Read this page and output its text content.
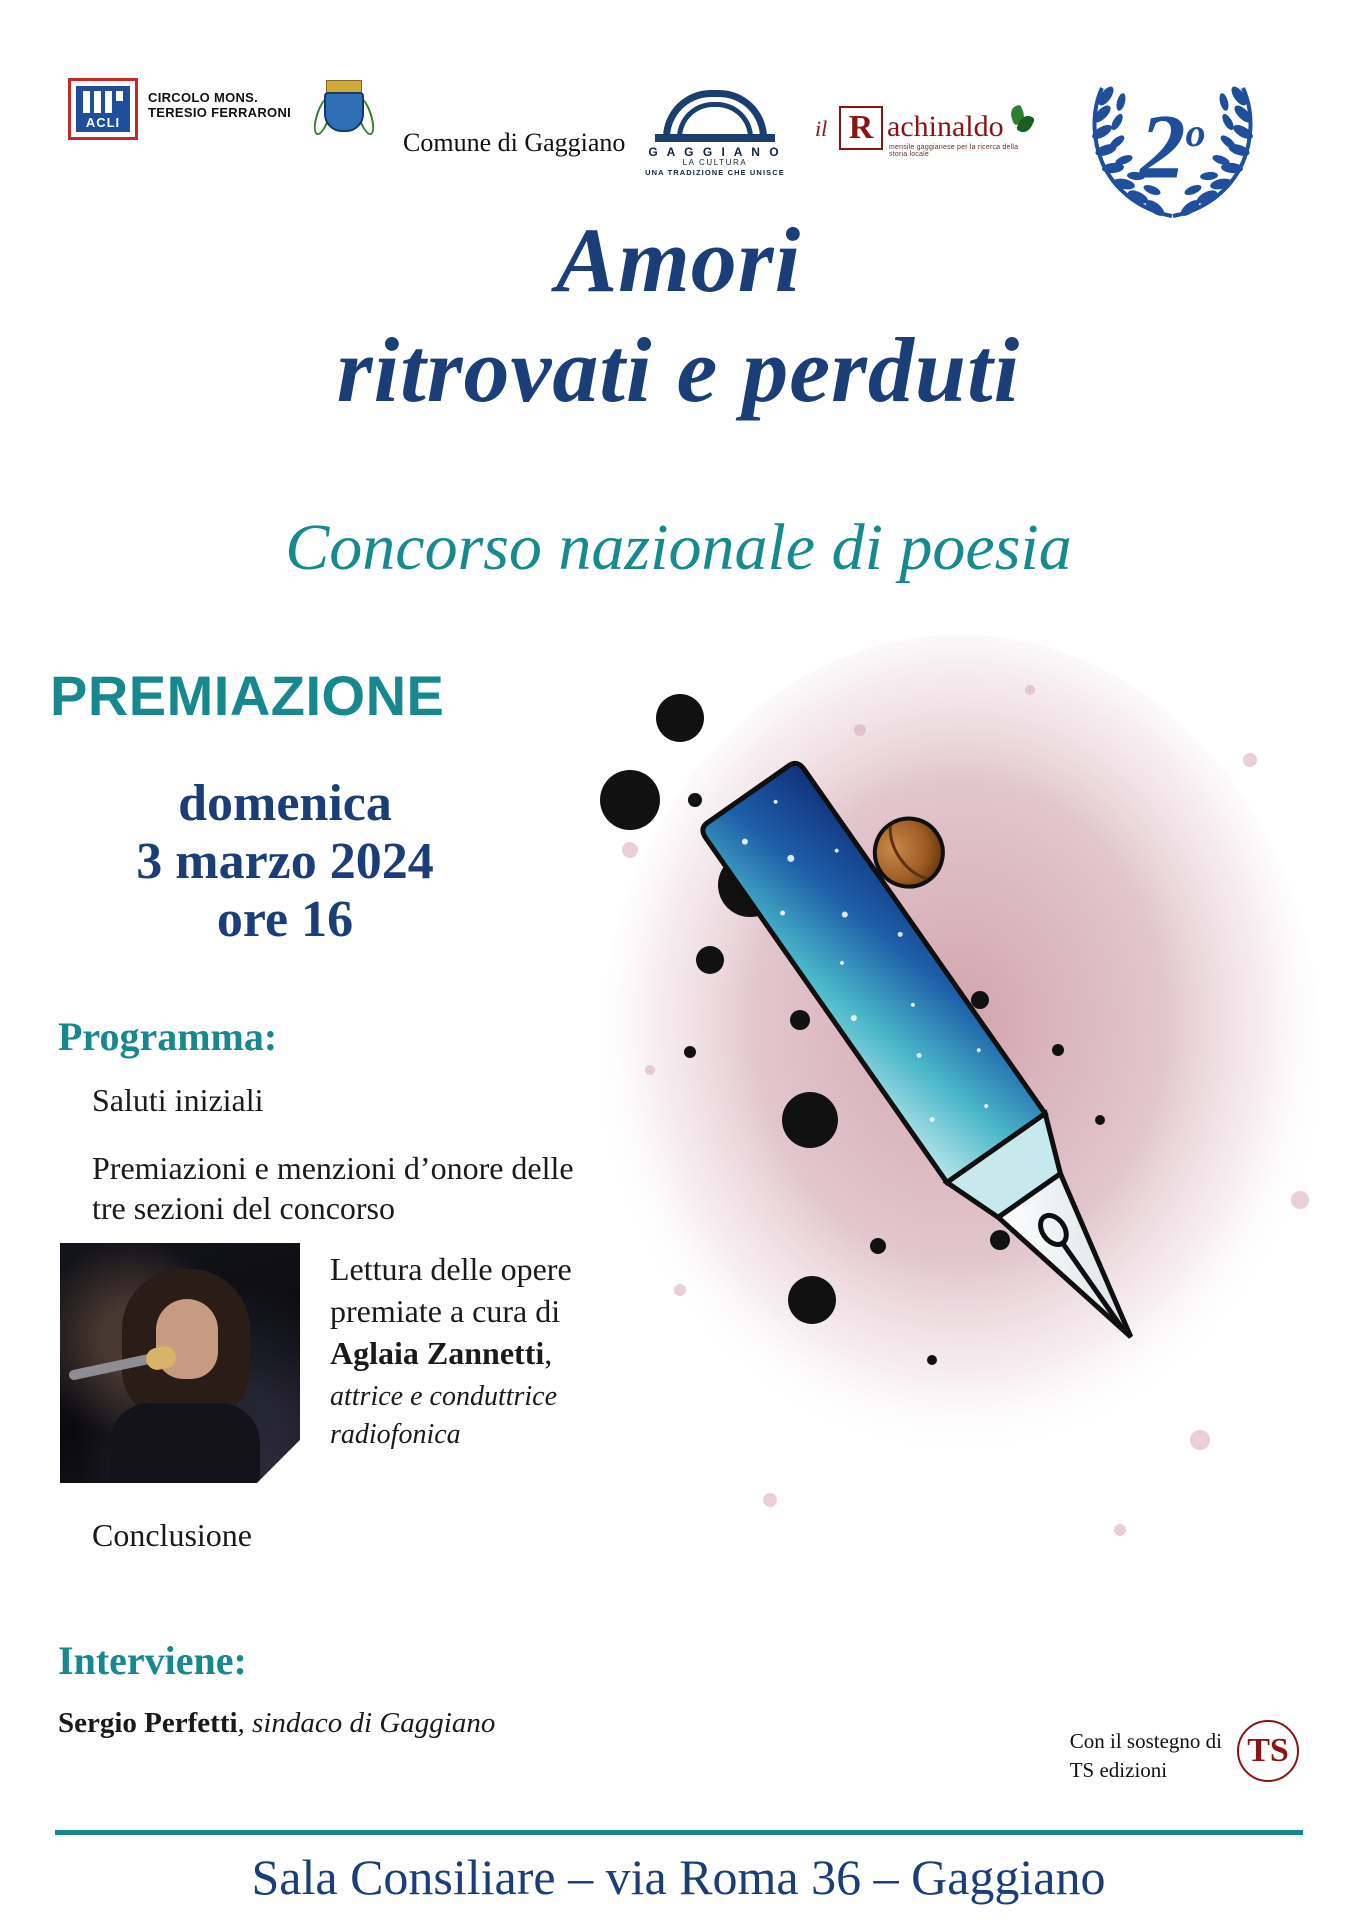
ACLI
CIRCOLO MONS.
TERESIO FERRARONI
Comune di Gaggiano G A G G I A N O
LA CULTURA
UNA TRADIZIONE CHE UNISCE
il R achinaldo
mensile gaggianese per la ricerca della storia locale	2$^o$
Amori
ritrovati e perduti
Concorso nazionale di poesia
PREMIAZIONE
domenica
3 marzo 2024
ore 16
Programma:
Saluti iniziali
Premiazioni e menzioni d’onore delle tre sezioni del concorso
Lettura delle opere premiate a cura di Aglaia Zannetti,
attrice e conduttrice radiofonica
Conclusione
Interviene:
Sergio Perfetti, sindaco di Gaggiano
Con il sostegno di
TS edizioni
TS
Sala Consiliare – via Roma 36 – Gaggiano
